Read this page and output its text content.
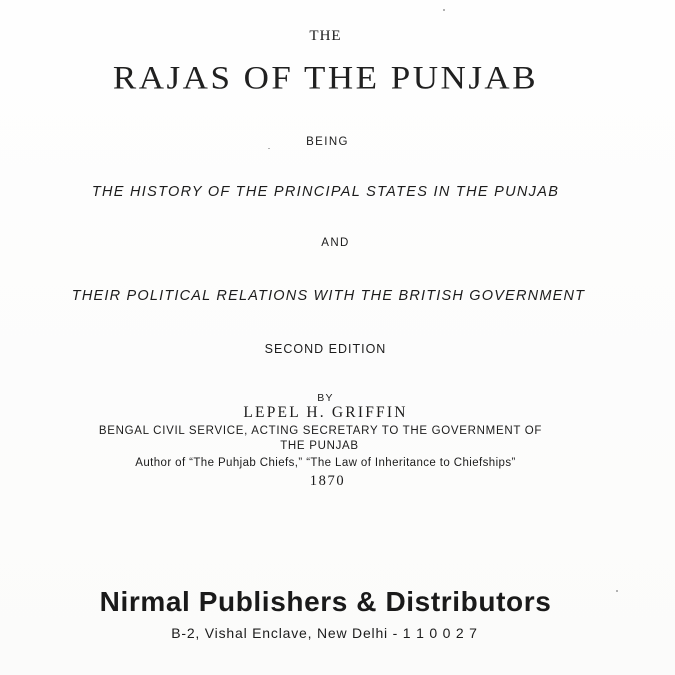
THE
RAJAS OF THE PUNJAB
BEING
THE HISTORY OF THE PRINCIPAL STATES IN THE PUNJAB
AND
THEIR POLITICAL RELATIONS WITH THE BRITISH GOVERNMENT
SECOND EDITION
BY
LEPEL H. GRIFFIN
BENGAL CIVIL SERVICE, ACTING SECRETARY TO THE GOVERNMENT OF
THE PUNJAB
Author of “The Puhjab Chiefs,” “The Law of Inheritance to Chiefships”
1870
Nirmal Publishers & Distributors
B-2, Vishal Enclave, New Delhi - 1 1 0 0 2 7
